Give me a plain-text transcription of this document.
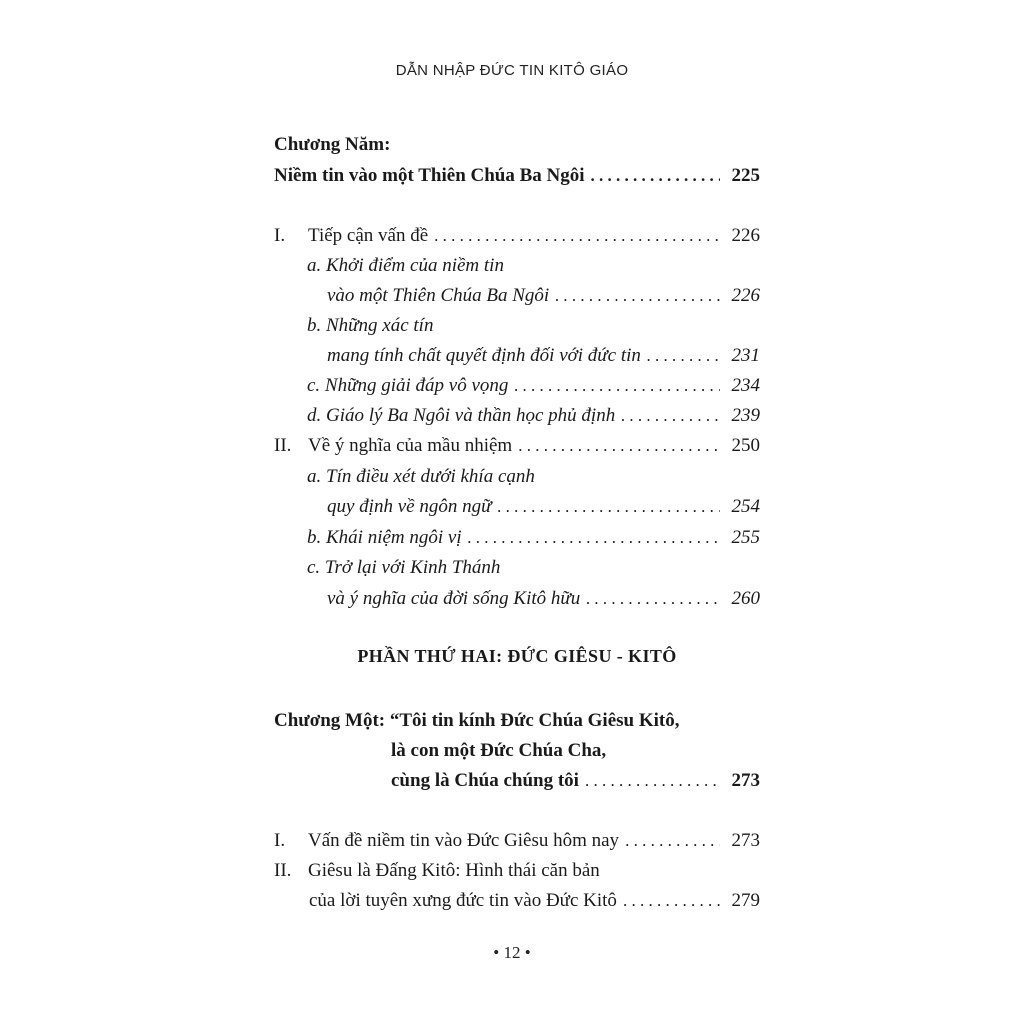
DẪN NHẬP ĐỨC TIN KITÔ GIÁO
Chương Năm:
Niềm tin vào một Thiên Chúa Ba Ngôi . . .	225
I. Tiếp cận vấn đề . . .	226
a. Khởi điểm của niềm tin
vào một Thiên Chúa Ba Ngôi . . .	226
b. Những xác tín
mang tính chất quyết định đối với đức tin . . .	231
c. Những giải đáp vô vọng . . .	234
d. Giáo lý Ba Ngôi và thần học phủ định . . .	239
II. Về ý nghĩa của mầu nhiệm . . .	250
a. Tín điều xét dưới khía cạnh
quy định về ngôn ngữ . . .	254
b. Khái niệm ngôi vị . . .	255
c. Trở lại với Kinh Thánh
và ý nghĩa của đời sống Kitô hữu . . .	260
PHẦN THỨ HAI: ĐỨC GIÊSU - KITÔ
Chương Một: “Tôi tin kính Đức Chúa Giêsu Kitô,
là con một Đức Chúa Cha,
cùng là Chúa chúng tôi . . .	273
I. Vấn đề niềm tin vào Đức Giêsu hôm nay . . .	273
II. Giêsu là Đấng Kitô: Hình thái căn bản
của lời tuyên xưng đức tin vào Đức Kitô . . .	279
• 12 •
